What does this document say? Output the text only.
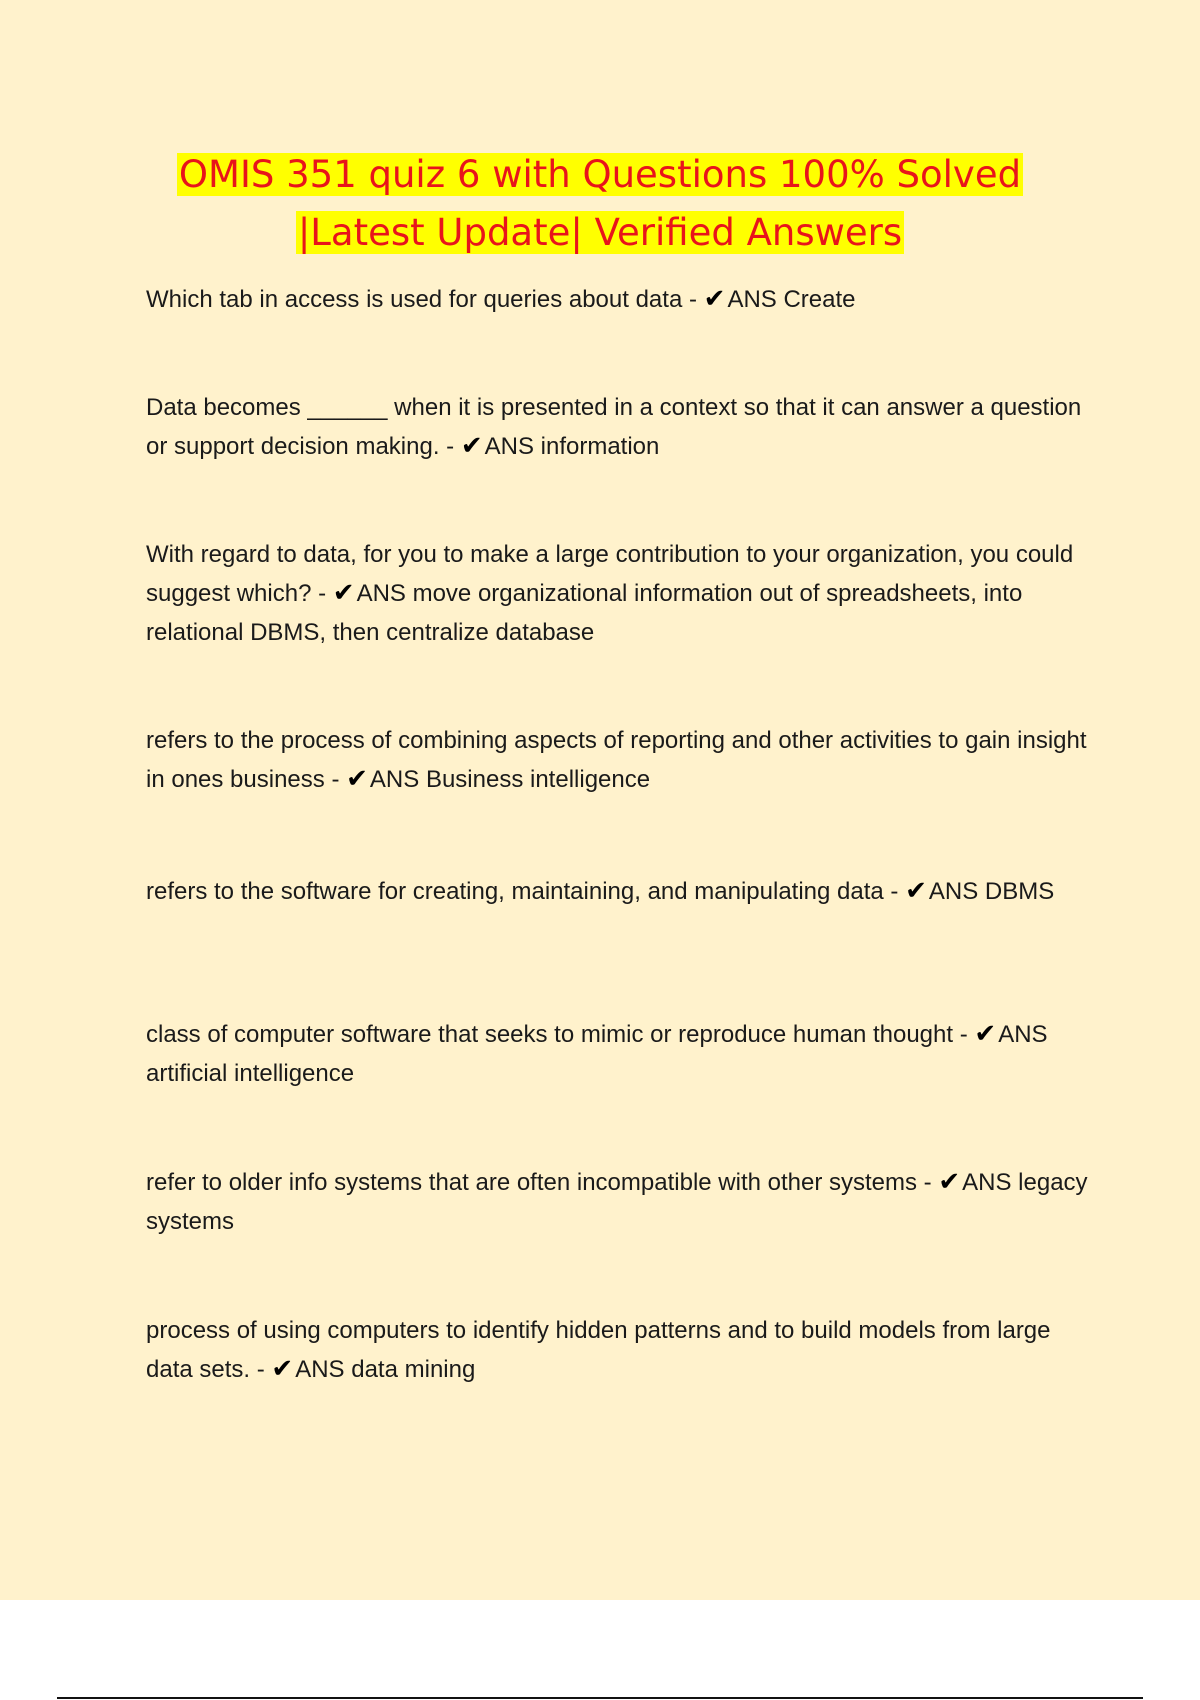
OMIS 351 quiz 6 with Questions 100% Solved
|Latest Update| Verified Answers
Which tab in access is used for queries about data - ✔ANS Create
Data becomes ______ when it is presented in a context so that it can answer a question or support decision making. - ✔ANS information
With regard to data, for you to make a large contribution to your organization, you could suggest which? - ✔ANS move organizational information out of spreadsheets, into relational DBMS, then centralize database
refers to the process of combining aspects of reporting and other activities to gain insight in ones business - ✔ANS Business intelligence
refers to the software for creating, maintaining, and manipulating data - ✔ANS DBMS
class of computer software that seeks to mimic or reproduce human thought - ✔ANS artificial intelligence
refer to older info systems that are often incompatible with other systems - ✔ANS legacy systems
process of using computers to identify hidden patterns and to build models from large data sets. - ✔ANS data mining
